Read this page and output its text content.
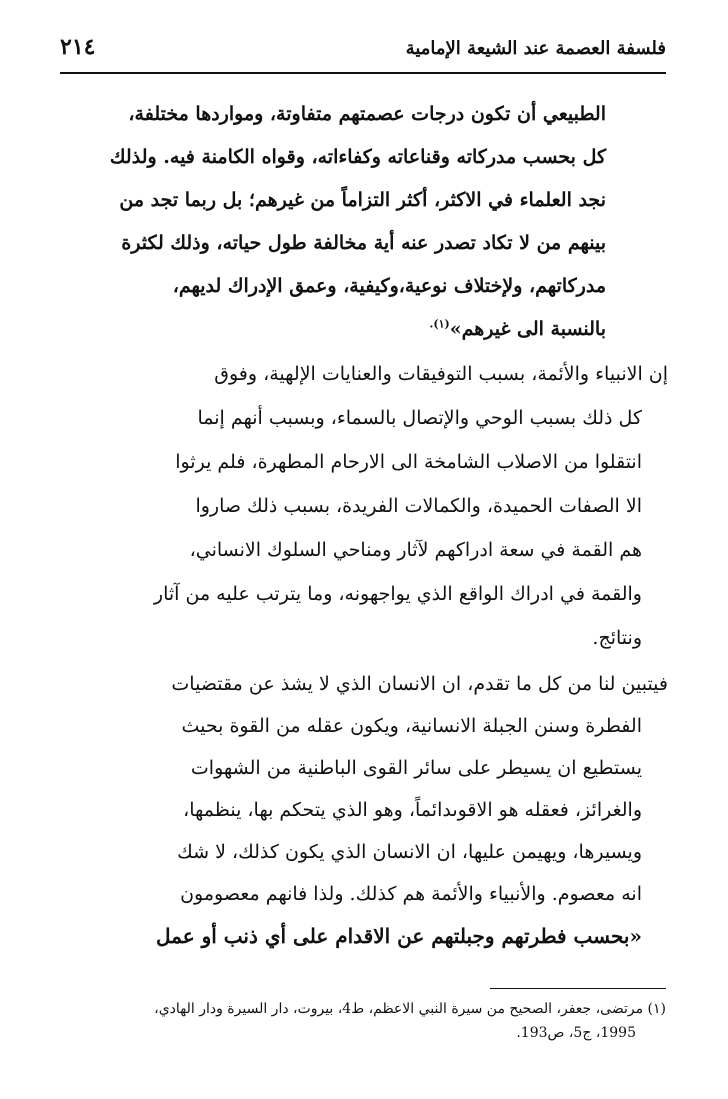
فلسفة العصمة عند الشيعة الإمامية
٢١٤
الطبيعي أن تكون درجات عصمتهم متفاوتة، ومواردها مختلفة،
كل بحسب مدركاته وقناعاته وكفاءاته، وقواه الكامنة فيه. ولذلك
نجد العلماء في الاكثر، أكثر التزاماً من غيرهم؛ بل ربما تجد من
بينهم من لا تكاد تصدر عنه أية مخالفة طول حياته، وذلك لكثرة
مدركاتهم، ولإختلاف نوعية،وكيفية، وعمق الإدراك لديهم،
بالنسبة الى غيرهم»$^{(١).}$
إن الانبياء والأئمة، بسبب التوفيقات والعنايات الإلهية، وفوق
كل ذلك بسبب الوحي والإتصال بالسماء، وبسبب أنهم إنما
انتقلوا من الاصلاب الشامخة الى الارحام المطهرة، فلم يرثوا
الا الصفات الحميدة، والكمالات الفريدة، بسبب ذلك صاروا
هم القمة في سعة ادراكهم لآثار ومناحي السلوك الانساني،
والقمة في ادراك الواقع الذي يواجهونه، وما يترتب عليه من آثار
ونتائج.
فيتبين لنا من كل ما تقدم، ان الانسان الذي لا يشذ عن مقتضيات
الفطرة وسنن الجبلة الانسانية، ويكون عقله من القوة بحيث
يستطيع ان يسيطر على سائر القوى الباطنية من الشهوات
والغرائز، فعقله هو الاقوىدائماً، وهو الذي يتحكم بها، ينظمها،
ويسيرها، ويهيمن عليها، ان الانسان الذي يكون كذلك، لا شك
انه معصوم. والأنبياء والأئمة هم كذلك. ولذا فانهم معصومون
«بحسب فطرتهم وجبلتهم عن الاقدام على أي ذنب أو عمل
(١) مرتضى، جعفر، الصحيح من سيرة النبي الاعظم، ط4، بيروت، دار السيرة ودار الهادي،
1995، ج5، ص193.
